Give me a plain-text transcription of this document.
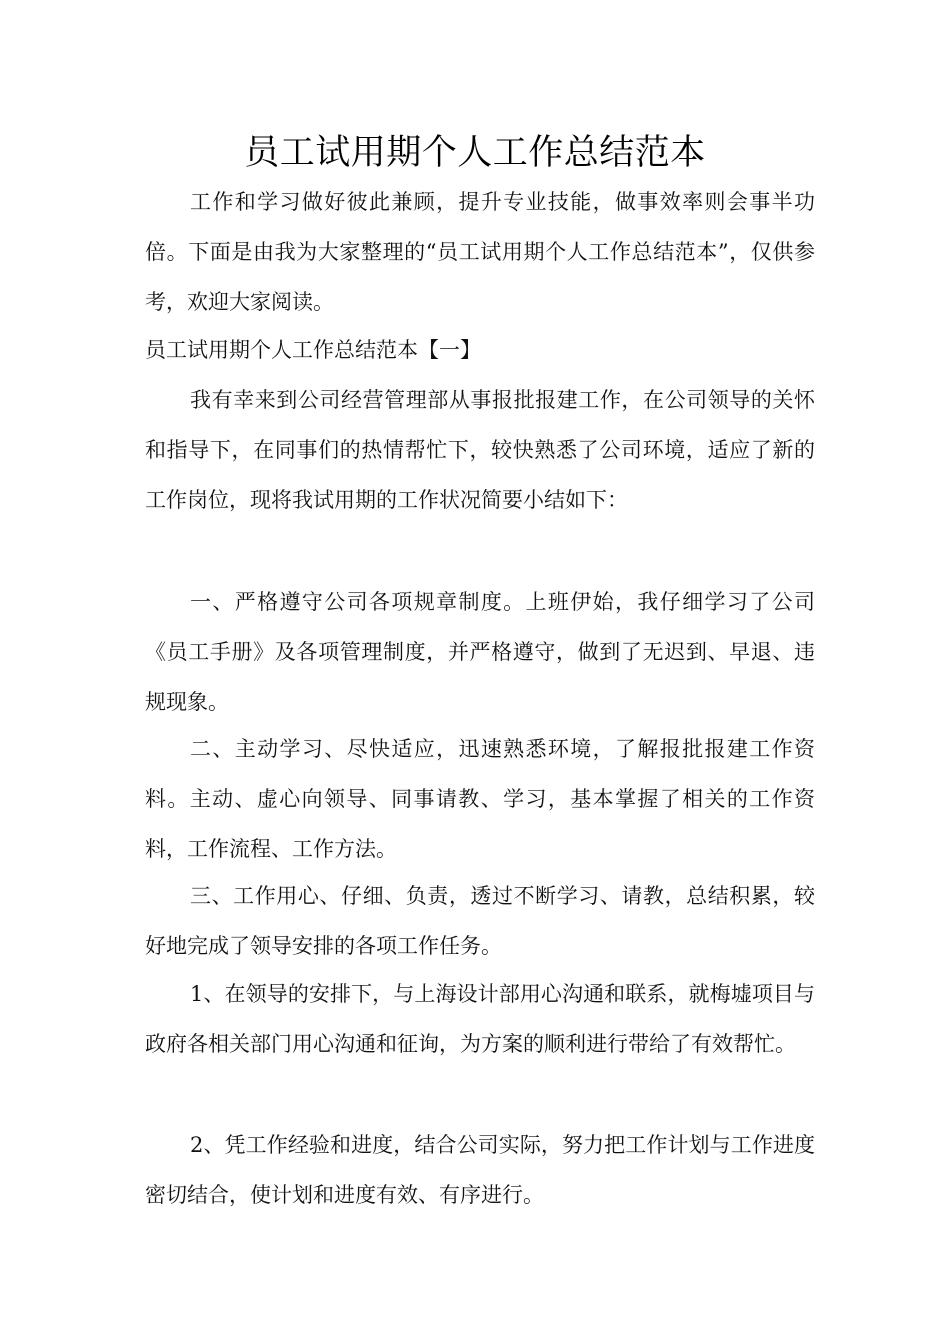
员工试用期个人工作总结范本

工作和学习做好彼此兼顾，提升专业技能，做事效率则会事半功倍。下面是由我为大家整理的“员工试用期个人工作总结范本”，仅供参考，欢迎大家阅读。

员工试用期个人工作总结范本【一】

我有幸来到公司经营管理部从事报批报建工作，在公司领导的关怀和指导下，在同事们的热情帮忙下，较快熟悉了公司环境，适应了新的工作岗位，现将我试用期的工作状况简要小结如下：

一、严格遵守公司各项规章制度。上班伊始，我仔细学习了公司《员工手册》及各项管理制度，并严格遵守，做到了无迟到、早退、违规现象。

二、主动学习、尽快适应，迅速熟悉环境，了解报批报建工作资料。主动、虚心向领导、同事请教、学习，基本掌握了相关的工作资料，工作流程、工作方法。

三、工作用心、仔细、负责，透过不断学习、请教，总结积累，较好地完成了领导安排的各项工作任务。

1、在领导的安排下，与上海设计部用心沟通和联系，就梅墟项目与政府各相关部门用心沟通和征询，为方案的顺利进行带给了有效帮忙。

2、凭工作经验和进度，结合公司实际，努力把工作计划与工作进度密切结合，使计划和进度有效、有序进行。
